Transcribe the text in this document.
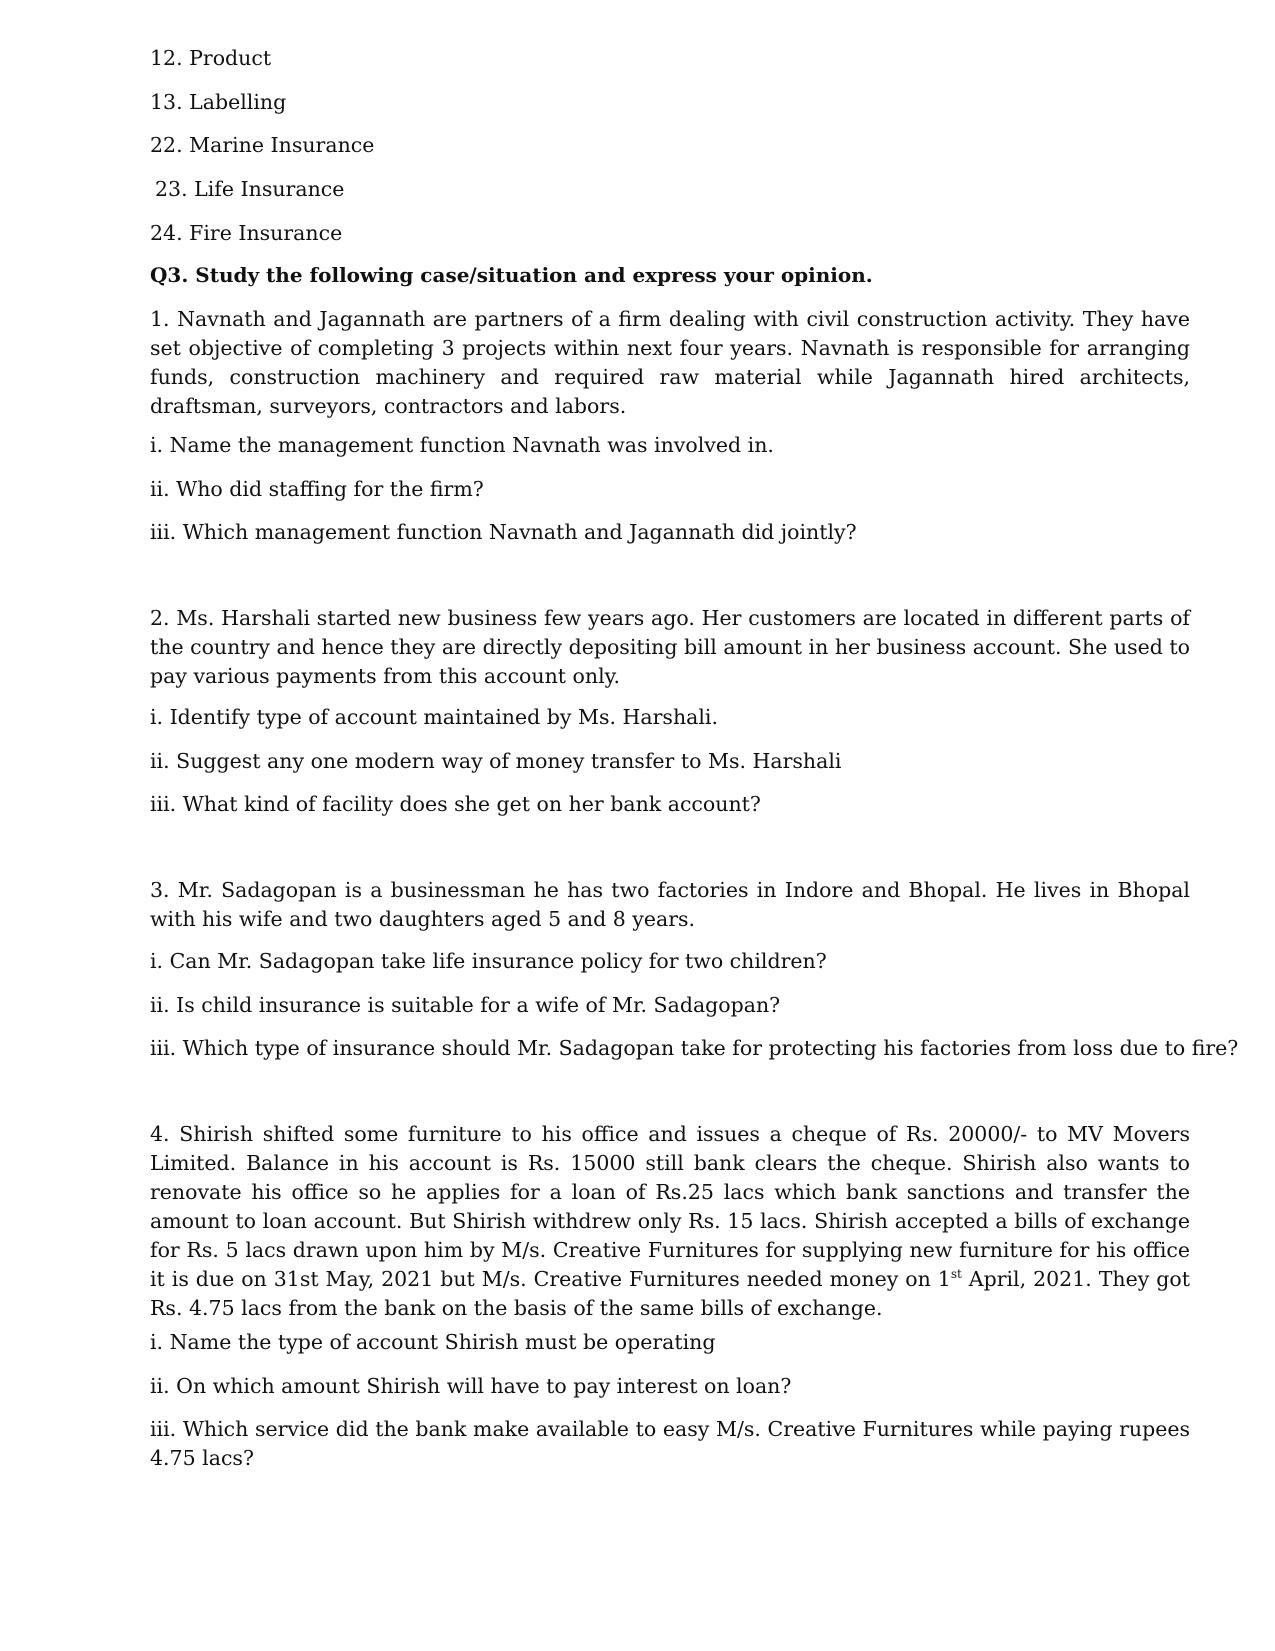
12. Product
13. Labelling
22. Marine Insurance
23. Life Insurance
24. Fire Insurance
Q3. Study the following case/situation and express your opinion.

1. Navnath and Jagannath are partners of a firm dealing with civil construction activity. They have set objective of completing 3 projects within next four years. Navnath is responsible for arranging funds, construction machinery and required raw material while Jagannath hired architects, draftsman, surveyors, contractors and labors.

i. Name the management function Navnath was involved in.
ii. Who did staffing for the firm?
iii. Which management function Navnath and Jagannath did jointly?

2. Ms. Harshali started new business few years ago. Her customers are located in different parts of the country and hence they are directly depositing bill amount in her business account. She used to pay various payments from this account only.

i. Identify type of account maintained by Ms. Harshali.
ii. Suggest any one modern way of money transfer to Ms. Harshali
iii. What kind of facility does she get on her bank account?

3. Mr. Sadagopan is a businessman he has two factories in Indore and Bhopal. He lives in Bhopal with his wife and two daughters aged 5 and 8 years.

i. Can Mr. Sadagopan take life insurance policy for two children?
ii. Is child insurance is suitable for a wife of Mr. Sadagopan?
iii. Which type of insurance should Mr. Sadagopan take for protecting his factories from loss due to fire?

4. Shirish shifted some furniture to his office and issues a cheque of Rs. 20000/- to MV Movers Limited. Balance in his account is Rs. 15000 still bank clears the cheque. Shirish also wants to renovate his office so he applies for a loan of Rs.25 lacs which bank sanctions and transfer the amount to loan account. But Shirish withdrew only Rs. 15 lacs. Shirish accepted a bills of exchange for Rs. 5 lacs drawn upon him by M/s. Creative Furnitures for supplying new furniture for his office it is due on 31st May, 2021 but M/s. Creative Furnitures needed money on 1st April, 2021. They got Rs. 4.75 lacs from the bank on the basis of the same bills of exchange.

i. Name the type of account Shirish must be operating
ii. On which amount Shirish will have to pay interest on loan?

iii. Which service did the bank make available to easy M/s. Creative Furnitures while paying rupees 4.75 lacs?
